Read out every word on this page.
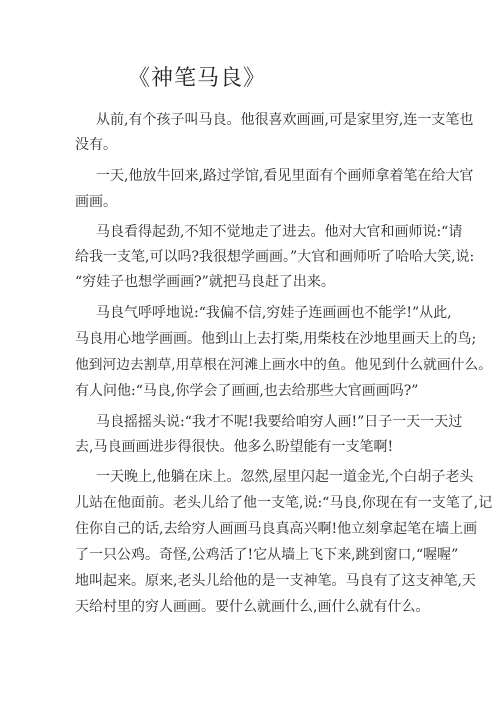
《神笔马良》
从前,有个孩子叫马良。他很喜欢画画,可是家里穷,连一支笔也
没有。
一天,他放牛回来,路过学馆,看见里面有个画师拿着笔在给大官
画画。
马良看得起劲,不知不觉地走了进去。他对大官和画师说:“请
给我一支笔,可以吗?我很想学画画。”大官和画师听了哈哈大笑,说:
“穷娃子也想学画画?”就把马良赶了出来。
马良气呼呼地说:“我偏不信,穷娃子连画画也不能学!”从此,
马良用心地学画画。他到山上去打柴,用柴枝在沙地里画天上的鸟;
他到河边去割草,用草根在河滩上画水中的鱼。他见到什么就画什么。
有人问他:“马良,你学会了画画,也去给那些大官画画吗?”
马良摇摇头说:“我才不呢!我要给咱穷人画!”日子一天一天过
去,马良画画进步得很快。他多么盼望能有一支笔啊!
一天晚上,他躺在床上。忽然,屋里闪起一道金光,个白胡子老头
儿站在他面前。老头儿给了他一支笔,说:“马良,你现在有一支笔了,记
住你自己的话,去给穷人画画马良真高兴啊!他立刻拿起笔在墙上画
了一只公鸡。奇怪,公鸡活了!它从墙上飞下来,跳到窗口,“喔喔”
地叫起来。原来,老头儿给他的是一支神笔。马良有了这支神笔,天
天给村里的穷人画画。要什么就画什么,画什么就有什么。
